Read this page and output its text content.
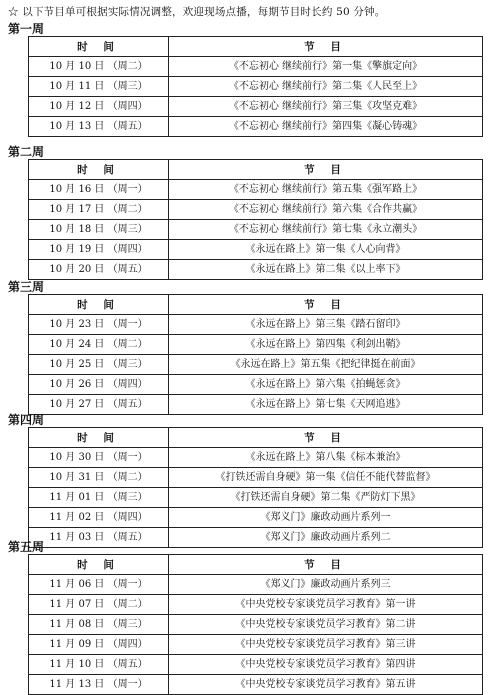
☆ 以下节目单可根据实际情况调整，欢迎现场点播，每期节目时长约 50 分钟。
第一周
时 间	节 目
10 月 10 日 （周二）	《不忘初心 继续前行》第一集《擎旗定向》
10 月 11 日 （周三）	《不忘初心 继续前行》第二集《人民至上》
10 月 12 日 （周四）	《不忘初心 继续前行》第三集《攻坚克难》
10 月 13 日 （周五）	《不忘初心 继续前行》第四集《凝心铸魂》
第二周
时 间	节 目
10 月 16 日 （周一）	《不忘初心 继续前行》第五集《强军路上》
10 月 17 日 （周二）	《不忘初心 继续前行》第六集《合作共赢》
10 月 18 日 （周三）	《不忘初心 继续前行》第七集《永立潮头》
10 月 19 日 （周四）	《永远在路上》第一集《人心向背》
10 月 20 日 （周五）	《永远在路上》第二集《以上率下》
第三周
时 间	节 目
10 月 23 日 （周一）	《永远在路上》第三集《踏石留印》
10 月 24 日 （周二）	《永远在路上》第四集《利剑出鞘》
10 月 25 日 （周三）	《永远在路上》第五集《把纪律挺在前面》
10 月 26 日 （周四）	《永远在路上》第六集《拍蝇惩贪》
10 月 27 日 （周五）	《永远在路上》第七集《天网追逃》
第四周
时 间	节 目
10 月 30 日 （周一）	《永远在路上》第八集《标本兼治》
10 月 31 日 （周二）	《打铁还需自身硬》第一集《信任不能代替监督》
11 月 01 日 （周三）	《打铁还需自身硬》第二集《严防灯下黑》
11 月 02 日 （周四）	《郑义门》廉政动画片系列一
11 月 03 日 （周五）	《郑义门》廉政动画片系列二
第五周
时 间	节 目
11 月 06 日 （周一）	《郑义门》廉政动画片系列三
11 月 07 日 （周二）	《中央党校专家谈党员学习教育》第一讲
11 月 08 日 （周三）	《中央党校专家谈党员学习教育》第二讲
11 月 09 日 （周四）	《中央党校专家谈党员学习教育》第三讲
11 月 10 日 （周五）	《中央党校专家谈党员学习教育》第四讲
11 月 13 日 （周一）	《中央党校专家谈党员学习教育》第五讲
